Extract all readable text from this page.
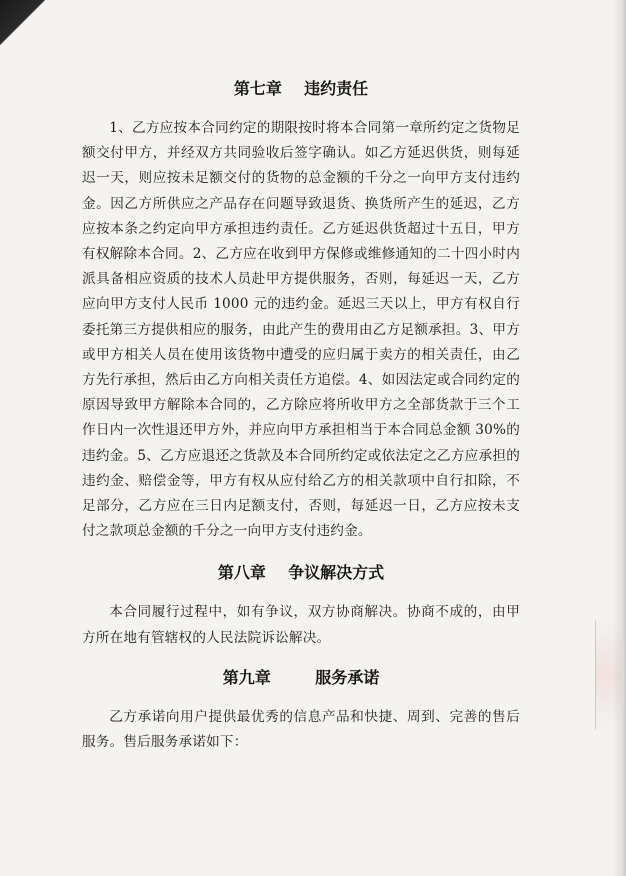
第七章    违约责任

1、乙方应按本合同约定的期限按时将本合同第一章所约定之货物足额交付甲方，并经双方共同验收后签字确认。如乙方延迟供货，则每延迟一天，则应按未足额交付的货物的总金额的千分之一向甲方支付违约金。因乙方所供应之产品存在问题导致退货、换货所产生的延迟，乙方应按本条之约定向甲方承担违约责任。乙方延迟供货超过十五日，甲方有权解除本合同。2、乙方应在收到甲方保修或维修通知的二十四小时内派具备相应资质的技术人员赴甲方提供服务，否则，每延迟一天，乙方应向甲方支付人民币 1000 元的违约金。延迟三天以上，甲方有权自行委托第三方提供相应的服务，由此产生的费用由乙方足额承担。3、甲方或甲方相关人员在使用该货物中遭受的应归属于卖方的相关责任，由乙方先行承担，然后由乙方向相关责任方追偿。4、如因法定或合同约定的原因导致甲方解除本合同的，乙方除应将所收甲方之全部货款于三个工作日内一次性退还甲方外，并应向甲方承担相当于本合同总金额 30%的违约金。5、乙方应退还之货款及本合同所约定或依法定之乙方应承担的违约金、赔偿金等，甲方有权从应付给乙方的相关款项中自行扣除，不足部分，乙方应在三日内足额支付，否则，每延迟一日，乙方应按未支付之款项总金额的千分之一向甲方支付违约金。

第八章    争议解决方式

本合同履行过程中，如有争议，双方协商解决。协商不成的，由甲方所在地有管辖权的人民法院诉讼解决。

第九章        服务承诺

乙方承诺向用户提供最优秀的信息产品和快捷、周到、完善的售后服务。售后服务承诺如下：
